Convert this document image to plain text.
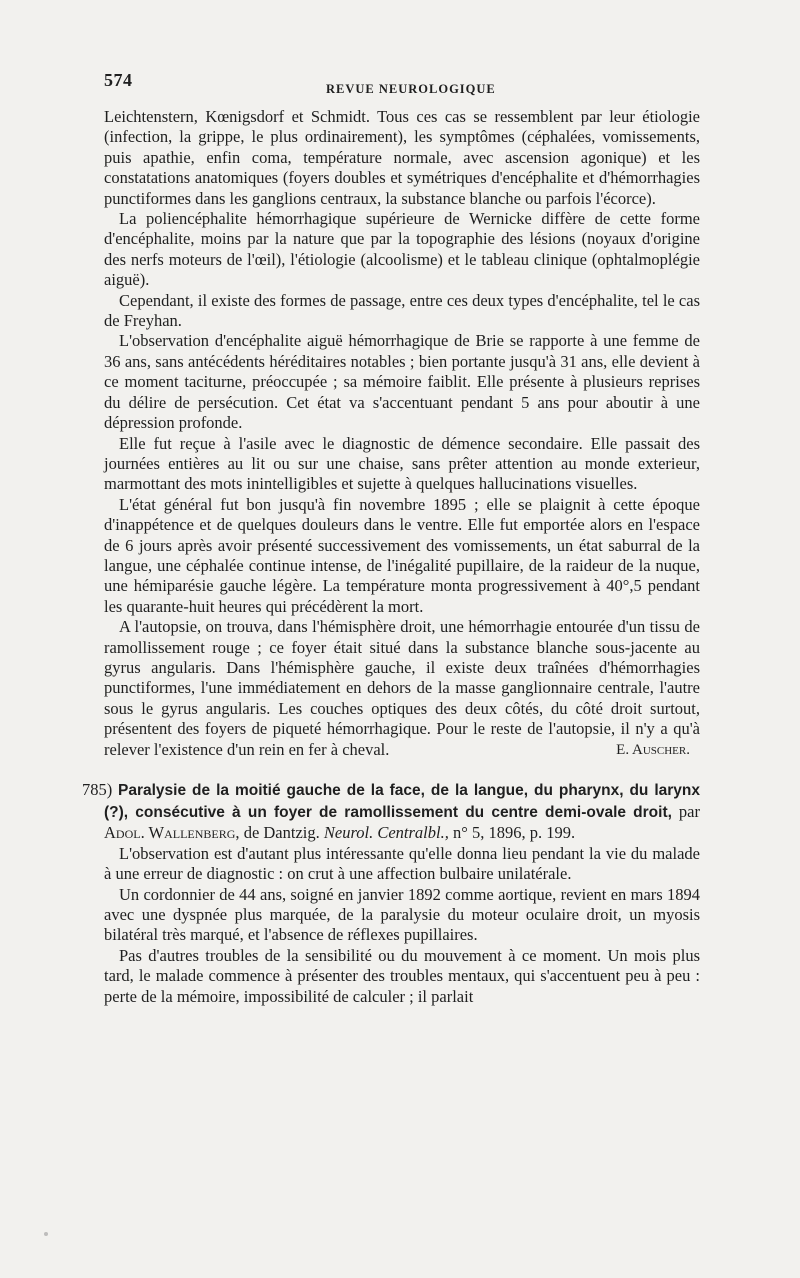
574	REVUE NEUROLOGIQUE

Leichtenstern, Kœnigsdorf et Schmidt. Tous ces cas se ressemblent par leur étiologie (infection, la grippe, le plus ordinairement), les symptômes (céphalées, vomissements, puis apathie, enfin coma, température normale, avec ascension agonique) et les constatations anatomiques (foyers doubles et symétriques d'encéphalite et d'hémorrhagies punctiformes dans les ganglions centraux, la substance blanche ou parfois l'écorce).

La poliencéphalite hémorrhagique supérieure de Wernicke diffère de cette forme d'encéphalite, moins par la nature que par la topographie des lésions (noyaux d'origine des nerfs moteurs de l'œil), l'étiologie (alcoolisme) et le tableau clinique (ophtalmoplégie aiguë).

Cependant, il existe des formes de passage, entre ces deux types d'encéphalite, tel le cas de Freyhan.

L'observation d'encéphalite aiguë hémorrhagique de Brie se rapporte à une femme de 36 ans, sans antécédents héréditaires notables ; bien portante jusqu'à 31 ans, elle devient à ce moment taciturne, préoccupée ; sa mémoire faiblit. Elle présente à plusieurs reprises du délire de persécution. Cet état va s'accentuant pendant 5 ans pour aboutir à une dépression profonde.

Elle fut reçue à l'asile avec le diagnostic de démence secondaire. Elle passait des journées entières au lit ou sur une chaise, sans prêter attention au monde exterieur, marmottant des mots inintelligibles et sujette à quelques hallucinations visuelles.

L'état général fut bon jusqu'à fin novembre 1895 ; elle se plaignit à cette époque d'inappétence et de quelques douleurs dans le ventre. Elle fut emportée alors en l'espace de 6 jours après avoir présenté successivement des vomissements, un état saburral de la langue, une céphalée continue intense, de l'inégalité pupillaire, de la raideur de la nuque, une hémiparésie gauche légère. La température monta progressivement à 40°,5 pendant les quarante-huit heures qui précédèrent la mort.

A l'autopsie, on trouva, dans l'hémisphère droit, une hémorrhagie entourée d'un tissu de ramollissement rouge ; ce foyer était situé dans la substance blanche sous-jacente au gyrus angularis. Dans l'hémisphère gauche, il existe deux traînées d'hémorrhagies punctiformes, l'une immédiatement en dehors de la masse ganglionnaire centrale, l'autre sous le gyrus angularis. Les couches optiques des deux côtés, du côté droit surtout, présentent des foyers de piqueté hémorrhagique. Pour le reste de l'autopsie, il n'y a qu'à relever l'existence d'un rein en fer à cheval.	E. Auscher.

785) Paralysie de la moitié gauche de la face, de la langue, du pharynx, du larynx (?), consécutive à un foyer de ramollissement du centre demi-ovale droit, par Adol. Wallenberg, de Dantzig. Neurol. Centralbl., n° 5, 1896, p. 199.

L'observation est d'autant plus intéressante qu'elle donna lieu pendant la vie du malade à une erreur de diagnostic : on crut à une affection bulbaire unilatérale.

Un cordonnier de 44 ans, soigné en janvier 1892 comme aortique, revient en mars 1894 avec une dyspnée plus marquée, de la paralysie du moteur oculaire droit, un myosis bilatéral très marqué, et l'absence de réflexes pupillaires.

Pas d'autres troubles de la sensibilité ou du mouvement à ce moment. Un mois plus tard, le malade commence à présenter des troubles mentaux, qui s'accentuent peu à peu : perte de la mémoire, impossibilité de calculer ; il parlait
